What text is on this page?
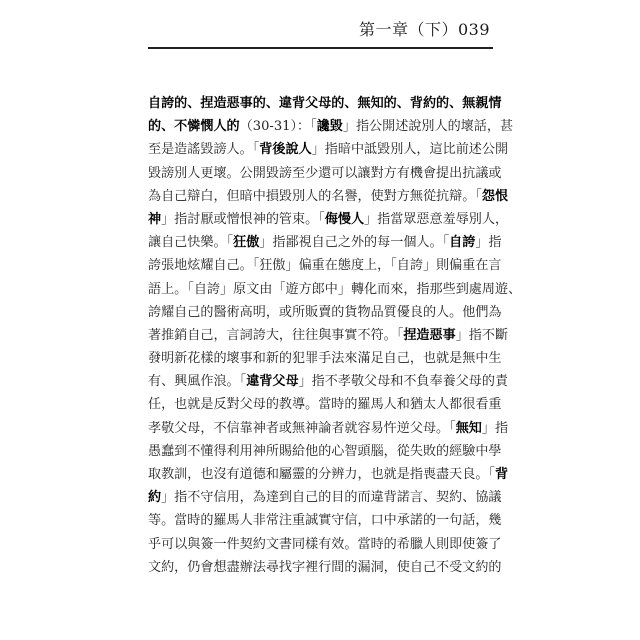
第一章（下）039
自誇的、捏造惡事的、違背父母的、無知的、背約的、無親情
的、不憐憫人的（30-31）：「讒毀」指公開述說別人的壞話，甚
至是造謠毀謗人。「背後說人」指暗中詆毀別人，這比前述公開
毀謗別人更壞。公開毀謗至少還可以讓對方有機會提出抗議或
為自己辯白，但暗中損毀別人的名譽，使對方無從抗辯。「怨恨
神」指討厭或憎恨神的管束。「侮慢人」指當眾惡意羞辱別人，
讓自己快樂。「狂傲」指鄙視自己之外的每一個人。「自誇」指
誇張地炫耀自己。「狂傲」偏重在態度上，「自誇」則偏重在言
語上。「自誇」原文由「遊方郎中」轉化而來，指那些到處周遊、
誇耀自己的醫術高明，或所販賣的貨物品質優良的人。他們為
著推銷自己，言詞誇大，往往與事實不符。「捏造惡事」指不斷
發明新花樣的壞事和新的犯罪手法來滿足自己，也就是無中生
有、興風作浪。「違背父母」指不孝敬父母和不負奉養父母的責
任，也就是反對父母的教導。當時的羅馬人和猶太人都很看重
孝敬父母，不信靠神者或無神論者就容易忤逆父母。「無知」指
愚蠢到不懂得利用神所賜給他的心智頭腦，從失敗的經驗中學
取教訓，也沒有道德和屬靈的分辨力，也就是指喪盡天良。「背
約」指不守信用，為達到自己的目的而違背諾言、契約、協議
等。當時的羅馬人非常注重誠實守信，口中承諾的一句話，幾
乎可以與簽一件契約文書同樣有效。當時的希臘人則即使簽了
文約，仍會想盡辦法尋找字裡行間的漏洞，使自己不受文約的
